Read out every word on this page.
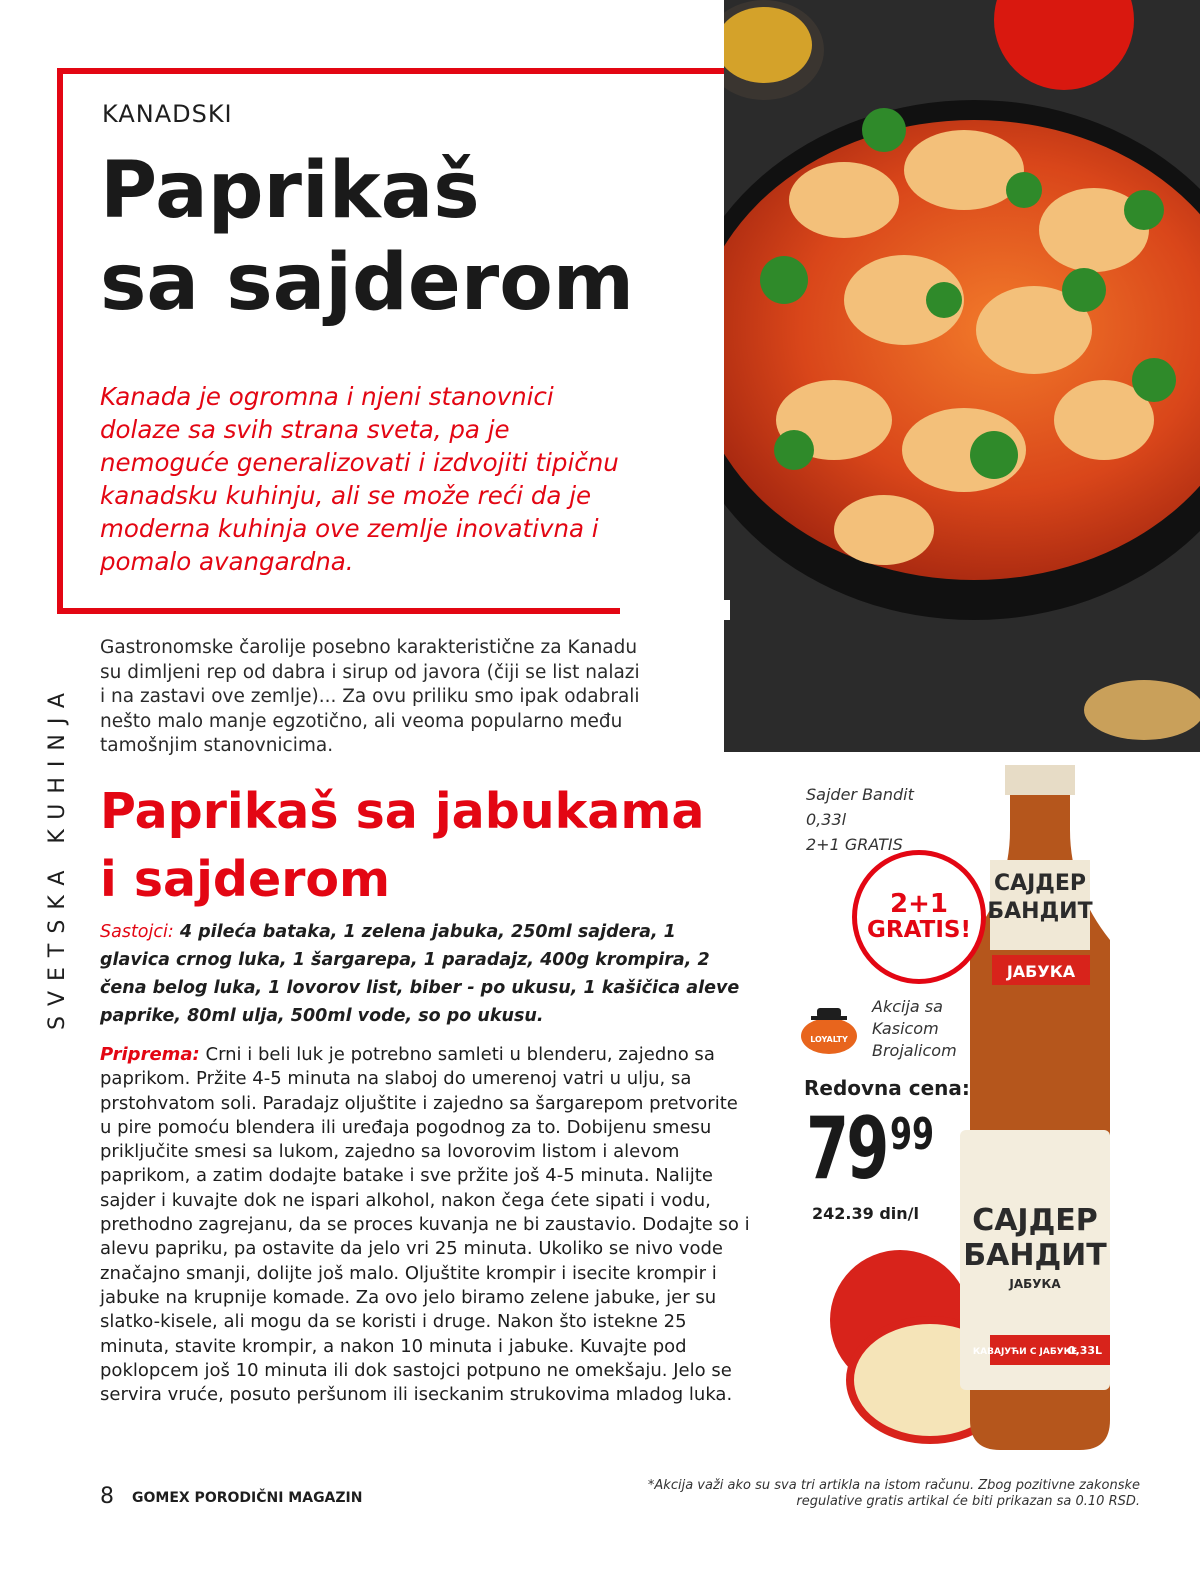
KANADSKI
Paprikaš
sa sajderom
Kanada je ogromna i njeni stanovnici dolaze sa svih strana sveta, pa je nemoguće generalizovati i izdvojiti tipičnu kanadsku kuhinju, ali se može reći da je moderna kuhinja ove zemlje inovativna i pomalo avangardna.
SVETSKA KUHINJA
Gastronomske čarolije posebno karakteristične za Kanadu su dimljeni rep od dabra i sirup od javora (čiji se list nalazi i na zastavi ove zemlje)... Za ovu priliku smo ipak odabrali nešto malo manje egzotično, ali veoma popularno među tamošnjim stanovnicima.
Paprikaš sa jabukama
i sajderom
Sastojci: 4 pileća bataka, 1 zelena jabuka, 250ml sajdera, 1 glavica crnog luka, 1 šargarepa, 1 paradajz, 400g krompira, 2 čena belog luka, 1 lovorov list, biber - po ukusu, 1 kašičica aleve paprike, 80ml ulja, 500ml vode, so po ukusu.
Priprema: Crni i beli luk je potrebno samleti u blenderu, zajedno sa paprikom. Pržite 4-5 minuta na slaboj do umerenoj vatri u ulju, sa prstohvatom soli. Paradajz oljuštite i zajedno sa šargarepom pretvorite u pire pomoću blendera ili uređaja pogodnog za to. Dobijenu smesu priključite smesi sa lukom, zajedno sa lovorovim listom i alevom paprikom, a zatim dodajte batake i sve pržite još 4-5 minuta. Nalijte sajder i kuvajte dok ne ispari alkohol, nakon čega ćete sipati i vodu, prethodno zagrejanu, da se proces kuvanja ne bi zaustavio. Dodajte so i alevu papriku, pa ostavite da jelo vri 25 minuta. Ukoliko se nivo vode značajno smanji, dolijte još malo. Oljuštite krompir i isecite krompir i jabuke na krupnije komade. Za ovo jelo biramo zelene jabuke, jer su slatko-kisele, ali mogu da se koristi i druge. Nakon što istekne 25 minuta, stavite krompir, a nakon 10 minuta i jabuke. Kuvajte pod poklopcem još 10 minuta ili dok sastojci potpuno ne omekšaju. Jelo se servira vruće, posuto peršunom ili iseckanim strukovima mladog luka.
САЈДЕР
БАНДИТ
ЈАБУКА
САЈДЕР
БАНДИТ
ЈАБУКА
КАВАЈУЋИ С ЈАБУКЕ
0,33L
Sajder Bandit
0,33l
2+1 GRATIS
2+1
GRATIS!
LOYALTY
Akcija sa
Kasicom
Brojalicom
Redovna cena:
79 99
242.39 din/l
8 GOMEX PORODIČNI MAGAZIN
*Akcija važi ako su sva tri artikla na istom računu. Zbog pozitivne zakonske regulative gratis artikal će biti prikazan sa 0.10 RSD.
